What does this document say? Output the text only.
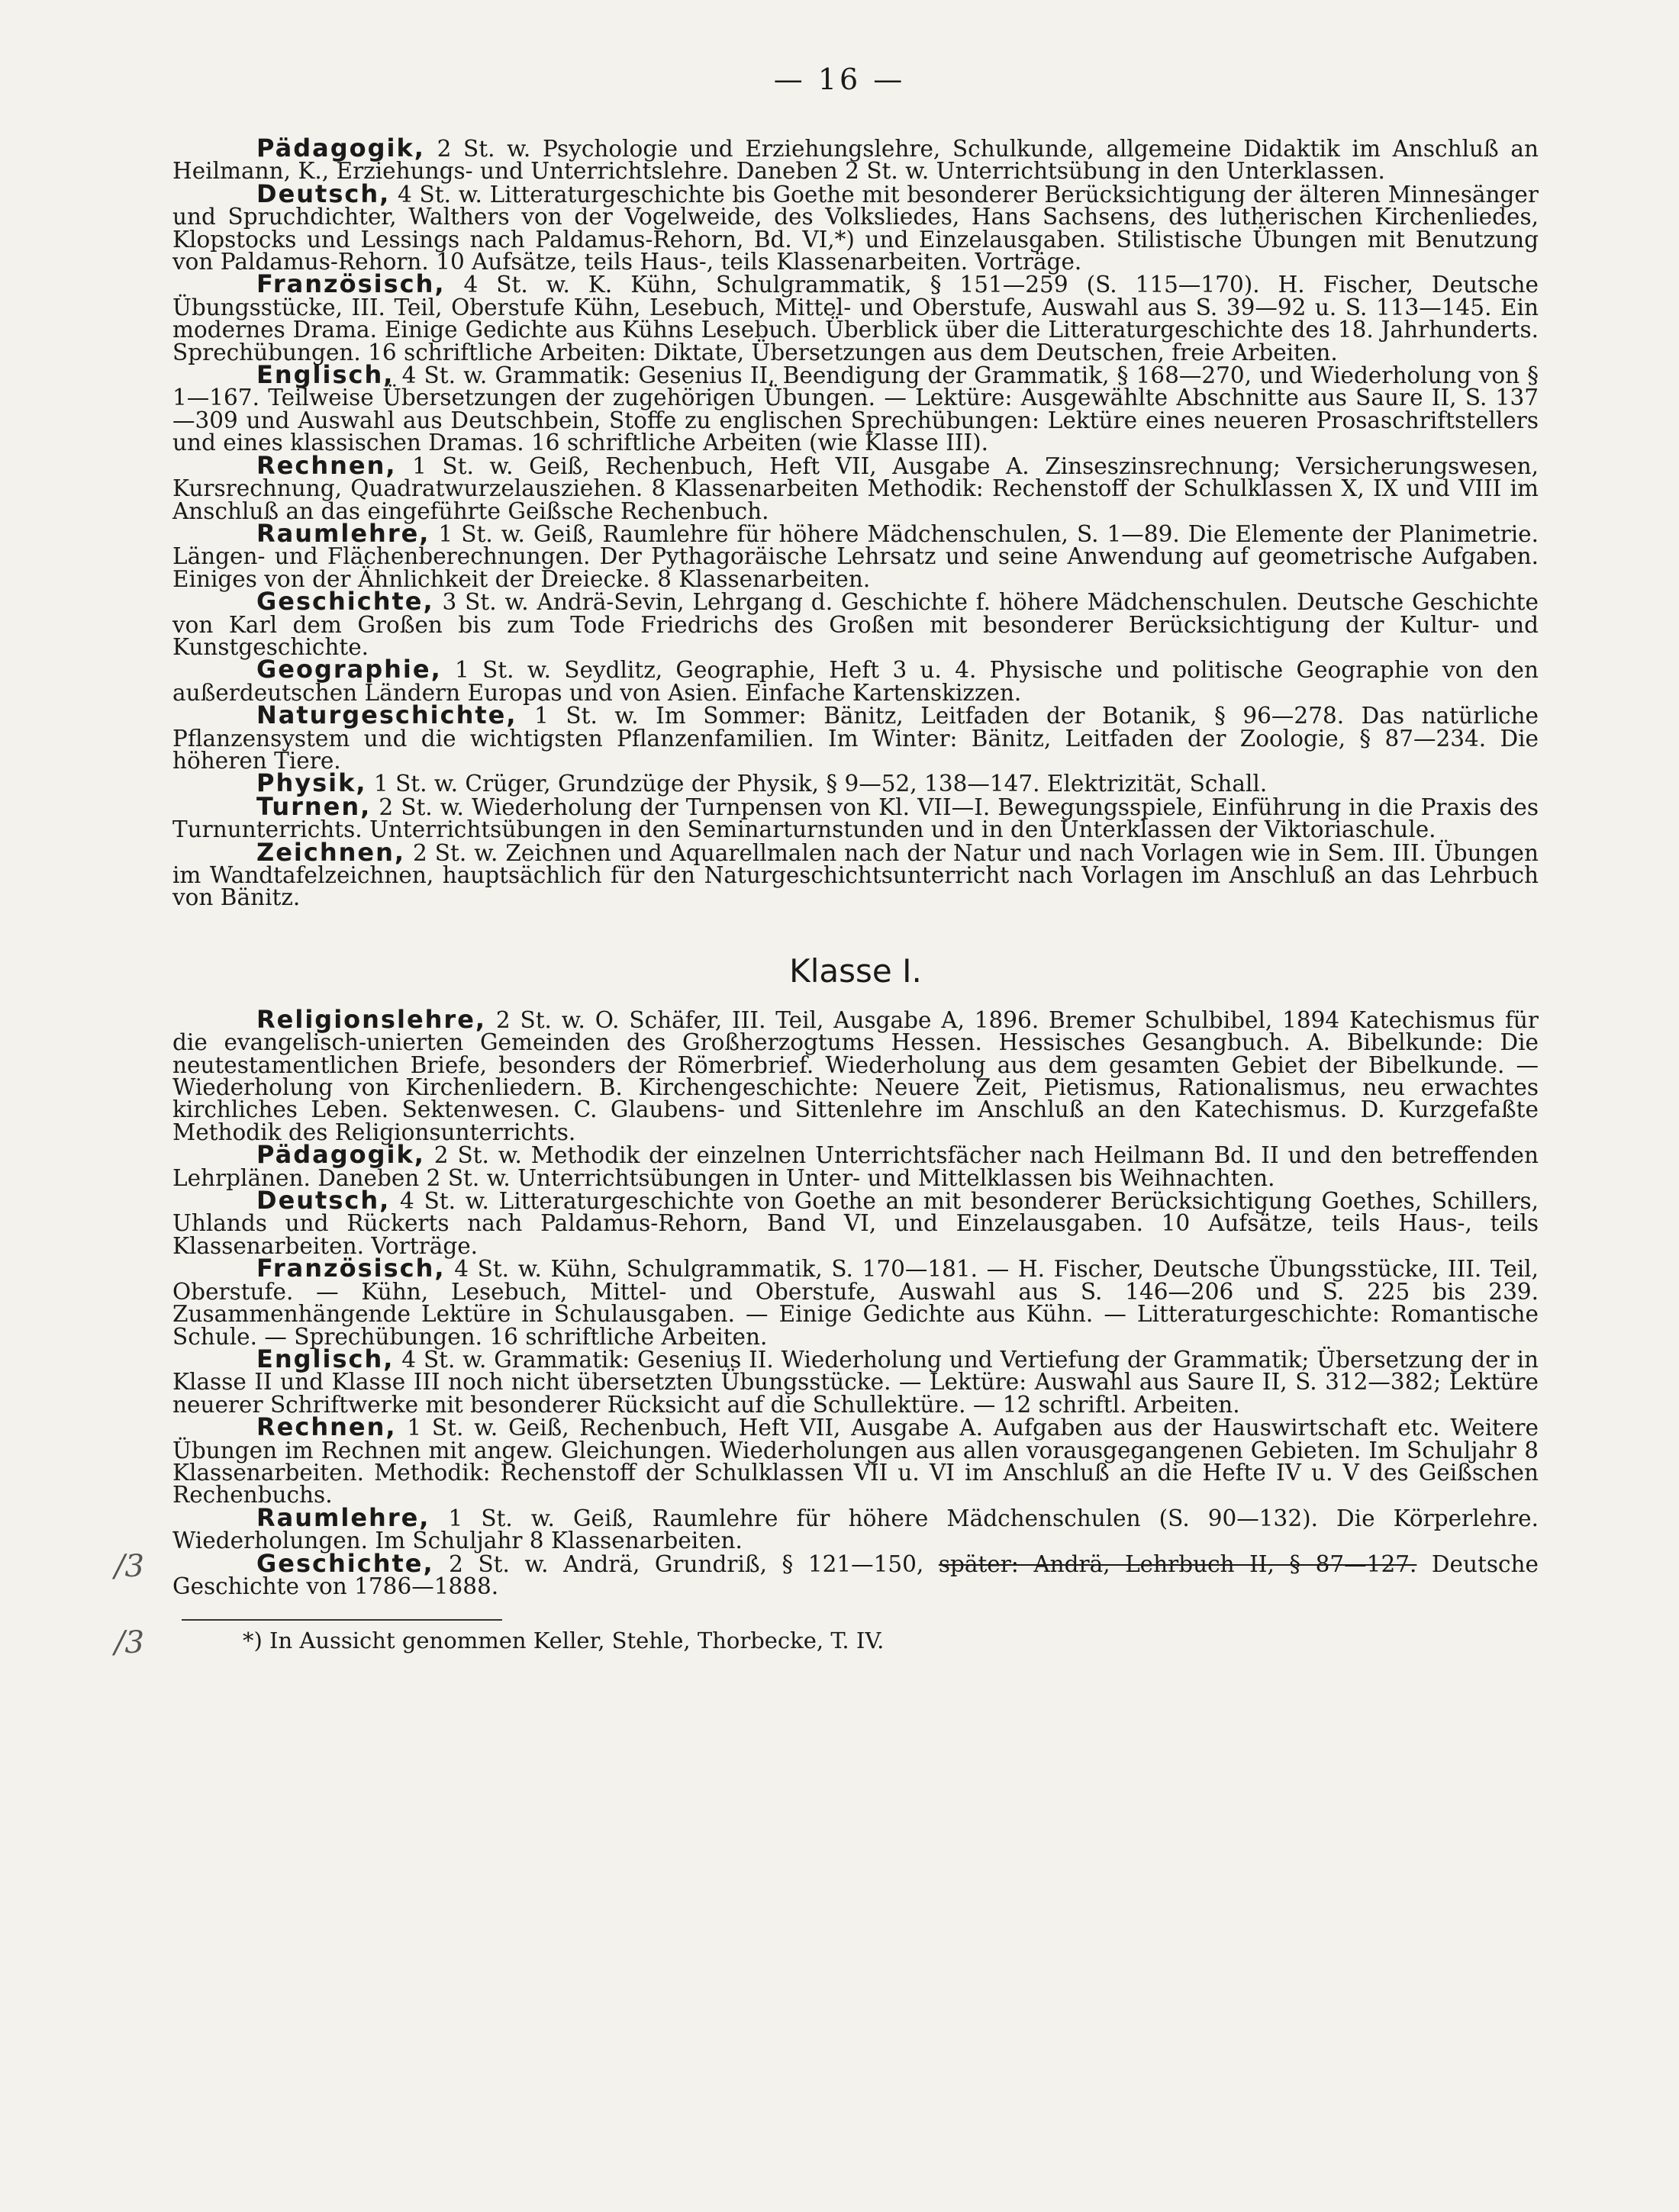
— 16 —

Pädagogik, 2 St. w. Psychologie und Erziehungslehre, Schulkunde, allgemeine Didaktik im Anschluß an Heilmann, K., Erziehungs- und Unterrichtslehre. Daneben 2 St. w. Unterrichtsübung in den Unterklassen.

Deutsch, 4 St. w. Litteraturgeschichte bis Goethe mit besonderer Berücksichtigung der älteren Minnesänger und Spruchdichter, Walthers von der Vogelweide, des Volksliedes, Hans Sachsens, des lutherischen Kirchenliedes, Klopstocks und Lessings nach Paldamus-Rehorn, Bd. VI,*) und Einzelausgaben. Stilistische Übungen mit Benutzung von Paldamus-Rehorn. 10 Aufsätze, teils Haus-, teils Klassenarbeiten. Vorträge.

Französisch, 4 St. w. K. Kühn, Schulgrammatik, § 151—259 (S. 115—170). H. Fischer, Deutsche Übungsstücke, III. Teil, Oberstufe Kühn, Lesebuch, Mittel- und Oberstufe, Auswahl aus S. 39—92 u. S. 113—145. Ein modernes Drama. Einige Gedichte aus Kühns Lesebuch. Überblick über die Litteraturgeschichte des 18. Jahrhunderts. Sprechübungen. 16 schriftliche Arbeiten: Diktate, Übersetzungen aus dem Deutschen, freie Arbeiten.

Englisch, 4 St. w. Grammatik: Gesenius II, Beendigung der Grammatik, § 168—270, und Wiederholung von § 1—167. Teilweise Übersetzungen der zugehörigen Übungen. — Lektüre: Ausgewählte Abschnitte aus Saure II, S. 137—309 und Auswahl aus Deutschbein, Stoffe zu englischen Sprechübungen: Lektüre eines neueren Prosaschriftstellers und eines klassischen Dramas. 16 schriftliche Arbeiten (wie Klasse III).

Rechnen, 1 St. w. Geiß, Rechenbuch, Heft VII, Ausgabe A. Zinseszinsrechnung; Versicherungswesen, Kursrechnung, Quadratwurzelausziehen. 8 Klassenarbeiten Methodik: Rechenstoff der Schulklassen X, IX und VIII im Anschluß an das eingeführte Geißsche Rechenbuch.

Raumlehre, 1 St. w. Geiß, Raumlehre für höhere Mädchenschulen, S. 1—89. Die Elemente der Planimetrie. Längen- und Flächenberechnungen. Der Pythagoräische Lehrsatz und seine Anwendung auf geometrische Aufgaben. Einiges von der Ähnlichkeit der Dreiecke. 8 Klassenarbeiten.

Geschichte, 3 St. w. Andrä-Sevin, Lehrgang d. Geschichte f. höhere Mädchenschulen. Deutsche Geschichte von Karl dem Großen bis zum Tode Friedrichs des Großen mit besonderer Berücksichtigung der Kultur- und Kunstgeschichte.

Geographie, 1 St. w. Seydlitz, Geographie, Heft 3 u. 4. Physische und politische Geographie von den außerdeutschen Ländern Europas und von Asien. Einfache Kartenskizzen.

Naturgeschichte, 1 St. w. Im Sommer: Bänitz, Leitfaden der Botanik, § 96—278. Das natürliche Pflanzensystem und die wichtigsten Pflanzenfamilien. Im Winter: Bänitz, Leitfaden der Zoologie, § 87—234. Die höheren Tiere.

Physik, 1 St. w. Crüger, Grundzüge der Physik, § 9—52, 138—147. Elektrizität, Schall.

Turnen, 2 St. w. Wiederholung der Turnpensen von Kl. VII—I. Bewegungsspiele, Einführung in die Praxis des Turnunterrichts. Unterrichtsübungen in den Seminarturnstunden und in den Unterklassen der Viktoriaschule.

Zeichnen, 2 St. w. Zeichnen und Aquarellmalen nach der Natur und nach Vorlagen wie in Sem. III. Übungen im Wandtafelzeichnen, hauptsächlich für den Naturgeschichtsunterricht nach Vorlagen im Anschluß an das Lehrbuch von Bänitz.

Klasse I.

Religionslehre, 2 St. w. O. Schäfer, III. Teil, Ausgabe A, 1896. Bremer Schulbibel, 1894 Katechismus für die evangelisch-unierten Gemeinden des Großherzogtums Hessen. Hessisches Gesangbuch. A. Bibelkunde: Die neutestamentlichen Briefe, besonders der Römerbrief. Wiederholung aus dem gesamten Gebiet der Bibelkunde. — Wiederholung von Kirchenliedern. B. Kirchengeschichte: Neuere Zeit, Pietismus, Rationalismus, neu erwachtes kirchliches Leben. Sektenwesen. C. Glaubens- und Sittenlehre im Anschluß an den Katechismus. D. Kurzgefaßte Methodik des Religionsunterrichts.

Pädagogik, 2 St. w. Methodik der einzelnen Unterrichtsfächer nach Heilmann Bd. II und den betreffenden Lehrplänen. Daneben 2 St. w. Unterrichtsübungen in Unter- und Mittelklassen bis Weihnachten.

Deutsch, 4 St. w. Litteraturgeschichte von Goethe an mit besonderer Berücksichtigung Goethes, Schillers, Uhlands und Rückerts nach Paldamus-Rehorn, Band VI, und Einzelausgaben. 10 Aufsätze, teils Haus-, teils Klassenarbeiten. Vorträge.

Französisch, 4 St. w. Kühn, Schulgrammatik, S. 170—181. — H. Fischer, Deutsche Übungsstücke, III. Teil, Oberstufe. — Kühn, Lesebuch, Mittel- und Oberstufe, Auswahl aus S. 146—206 und S. 225 bis 239. Zusammenhängende Lektüre in Schulausgaben. — Einige Gedichte aus Kühn. — Litteraturgeschichte: Romantische Schule. — Sprechübungen. 16 schriftliche Arbeiten.

Englisch, 4 St. w. Grammatik: Gesenius II. Wiederholung und Vertiefung der Grammatik; Übersetzung der in Klasse II und Klasse III noch nicht übersetzten Übungsstücke. — Lektüre: Auswahl aus Saure II, S. 312—382; Lektüre neuerer Schriftwerke mit besonderer Rücksicht auf die Schullektüre. — 12 schriftl. Arbeiten.

Rechnen, 1 St. w. Geiß, Rechenbuch, Heft VII, Ausgabe A. Aufgaben aus der Hauswirtschaft etc. Weitere Übungen im Rechnen mit angew. Gleichungen. Wiederholungen aus allen vorausgegangenen Gebieten. Im Schuljahr 8 Klassenarbeiten. Methodik: Rechenstoff der Schulklassen VII u. VI im Anschluß an die Hefte IV u. V des Geißschen Rechenbuchs.

Raumlehre, 1 St. w. Geiß, Raumlehre für höhere Mädchenschulen (S. 90—132). Die Körperlehre. Wiederholungen. Im Schuljahr 8 Klassenarbeiten.

Geschichte, 2 St. w. Andrä, Grundriß, § 121—150, später: Andrä, Lehrbuch II, § 87—127. Deutsche Geschichte von 1786—1888.

*) In Aussicht genommen Keller, Stehle, Thorbecke, T. IV.

/3
/3
